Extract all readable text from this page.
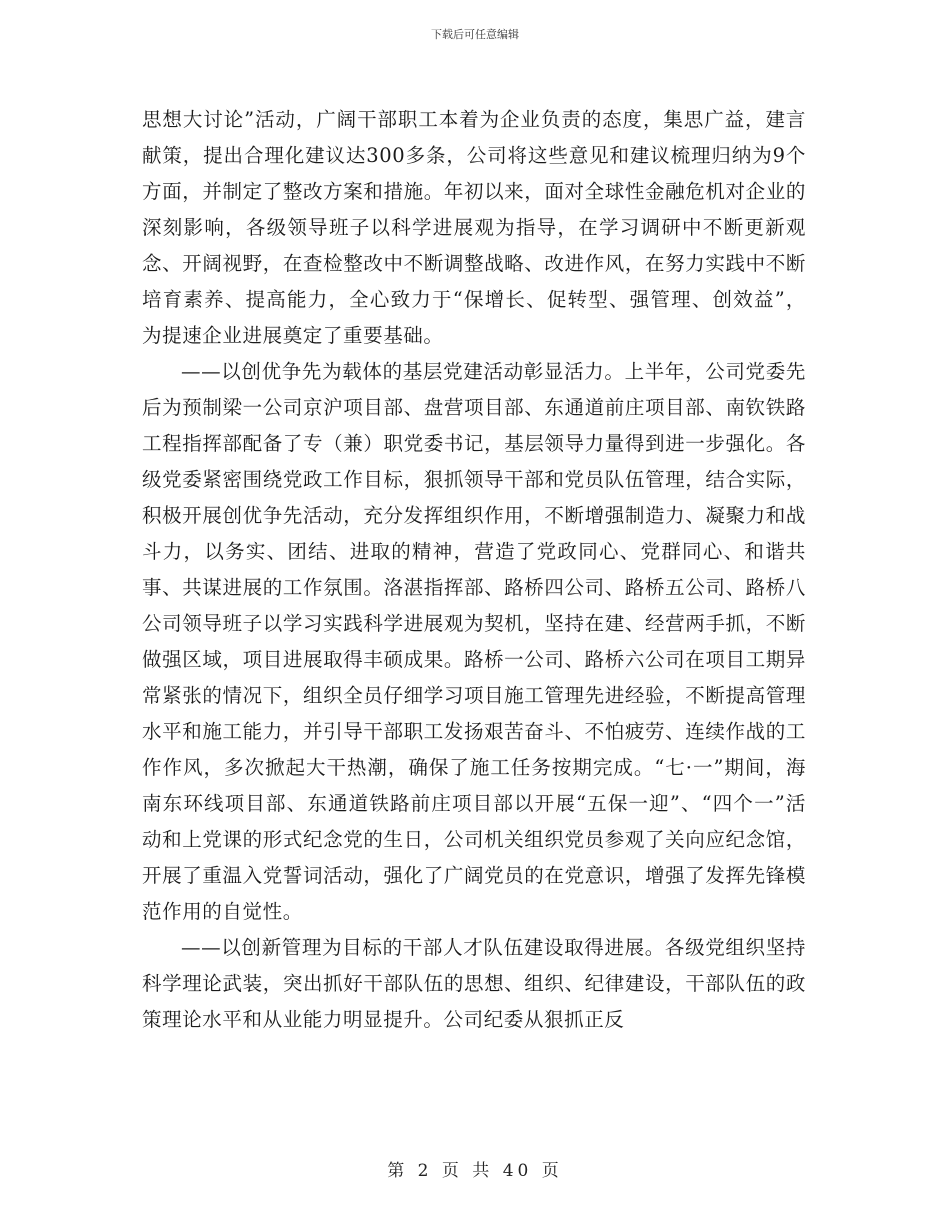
下载后可任意编辑

思想大讨论”活动，广阔干部职工本着为企业负责的态度，集思广益，建言献策，提出合理化建议达300多条，公司将这些意见和建议梳理归纳为9个方面，并制定了整改方案和措施。年初以来，面对全球性金融危机对企业的深刻影响，各级领导班子以科学进展观为指导，在学习调研中不断更新观念、开阔视野，在查检整改中不断调整战略、改进作风，在努力实践中不断培育素养、提高能力，全心致力于“保增长、促转型、强管理、创效益”，为提速企业进展奠定了重要基础。

——以创优争先为载体的基层党建活动彰显活力。上半年，公司党委先后为预制梁一公司京沪项目部、盘营项目部、东通道前庄项目部、南钦铁路工程指挥部配备了专（兼）职党委书记，基层领导力量得到进一步强化。各级党委紧密围绕党政工作目标，狠抓领导干部和党员队伍管理，结合实际，积极开展创优争先活动，充分发挥组织作用，不断增强制造力、凝聚力和战斗力，以务实、团结、进取的精神，营造了党政同心、党群同心、和谐共事、共谋进展的工作氛围。洛湛指挥部、路桥四公司、路桥五公司、路桥八公司领导班子以学习实践科学进展观为契机，坚持在建、经营两手抓，不断做强区域，项目进展取得丰硕成果。路桥一公司、路桥六公司在项目工期异常紧张的情况下，组织全员仔细学习项目施工管理先进经验，不断提高管理水平和施工能力，并引导干部职工发扬艰苦奋斗、不怕疲劳、连续作战的工作作风，多次掀起大干热潮，确保了施工任务按期完成。“七·一”期间，海南东环线项目部、东通道铁路前庄项目部以开展“五保一迎”、“四个一”活动和上党课的形式纪念党的生日，公司机关组织党员参观了关向应纪念馆，开展了重温入党誓词活动，强化了广阔党员的在党意识，增强了发挥先锋模范作用的自觉性。

——以创新管理为目标的干部人才队伍建设取得进展。各级党组织坚持科学理论武装，突出抓好干部队伍的思想、组织、纪律建设，干部队伍的政策理论水平和从业能力明显提升。公司纪委从狠抓正反

第 2 页 共 40 页
